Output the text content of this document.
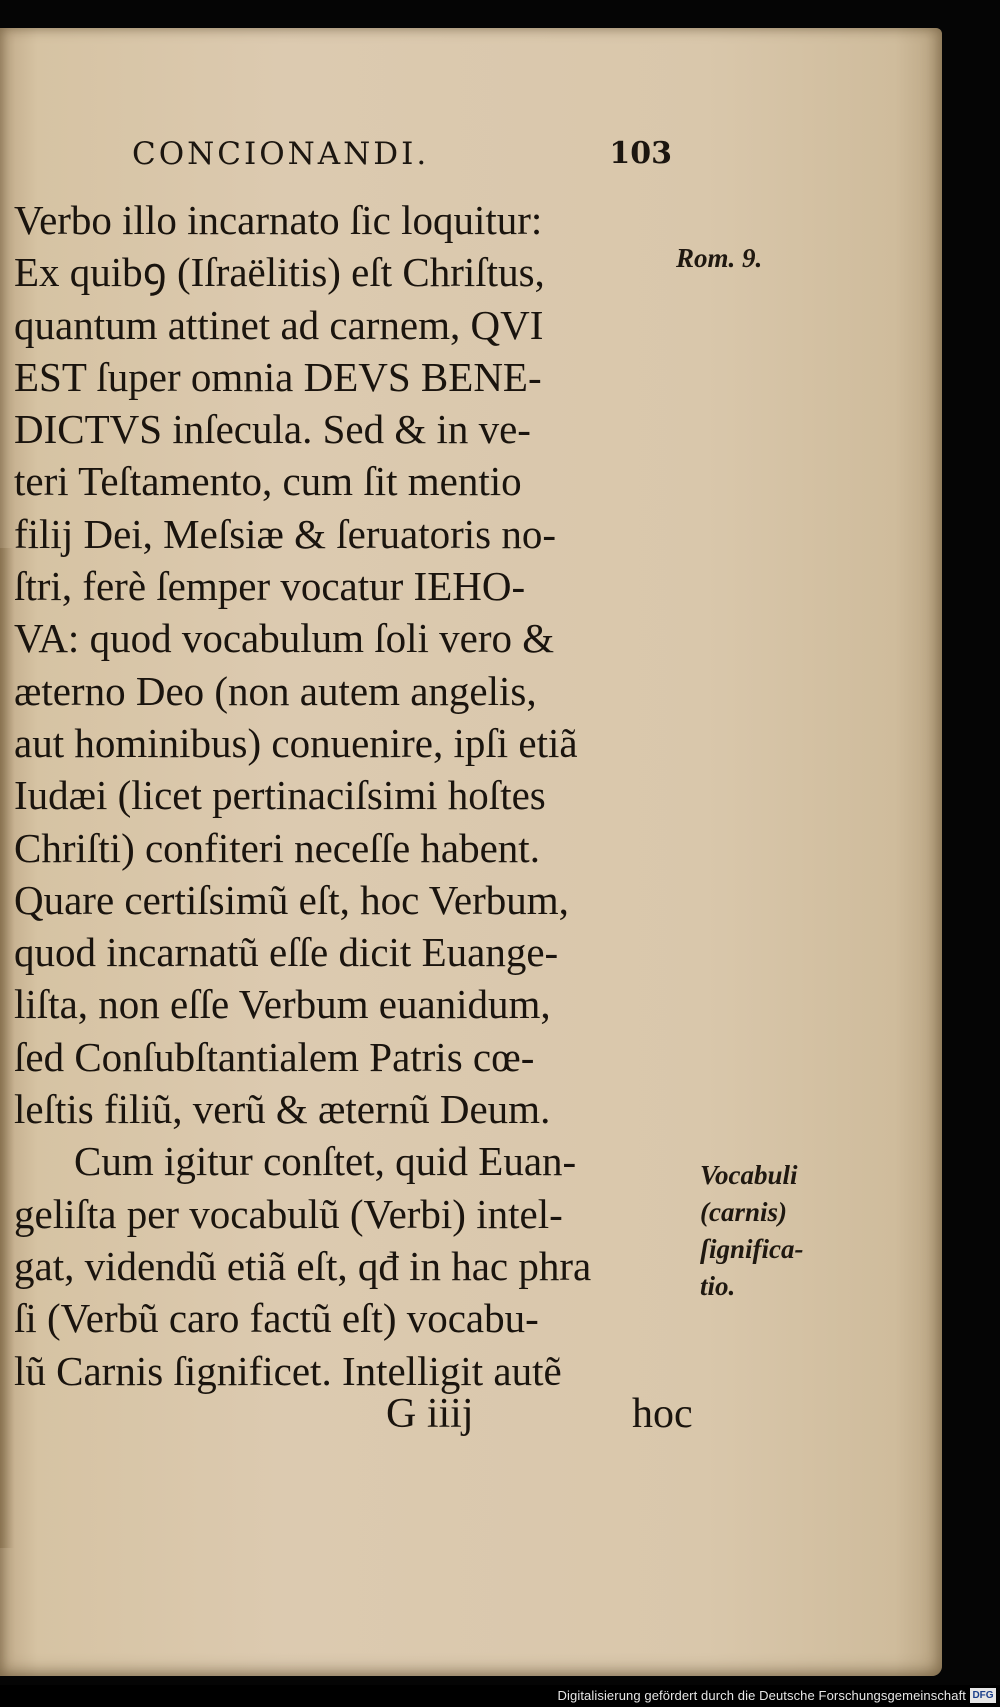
CONCIONANDI.	103
Verbo illo incarnato ſic loquitur:
Ex quibꝯ (Iſraëlitis) eſt Chriſtus,
quantum attinet ad carnem, QVI
EST ſuper omnia DEVS BENE-
DICTVS inſecula. Sed & in ve-
teri Teſtamento, cum ſit mentio
filij Dei, Meſsiæ & ſeruatoris no-
ſtri, ferè ſemper vocatur IEHO-
VA: quod vocabulum ſoli vero &
æterno Deo (non autem angelis,
aut hominibus) conuenire, ipſi etiã
Iudæi (licet pertinaciſsimi hoſtes
Chriſti) confiteri neceſſe habent.
Quare certiſsimũ eſt, hoc Verbum,
quod incarnatũ eſſe dicit Euange-
liſta, non eſſe Verbum euanidum,
ſed Conſubſtantialem Patris cœ-
leſtis filiũ, verũ & æternũ Deum.
Cum igitur conſtet, quid Euan-
geliſta per vocabulũ (Verbi) intel-
gat, videndũ etiã eſt, qđ in hac phra
ſi (Verbũ caro factũ eſt) vocabu-
lũ Carnis ſignificet. Intelligit autẽ
G iiij	hoc
Rom. 9.
Vocabuli
(carnis)
ſignifica-
tio.
Digitalisierung gefördert durch die Deutsche Forschungsgemeinschaft DFG
